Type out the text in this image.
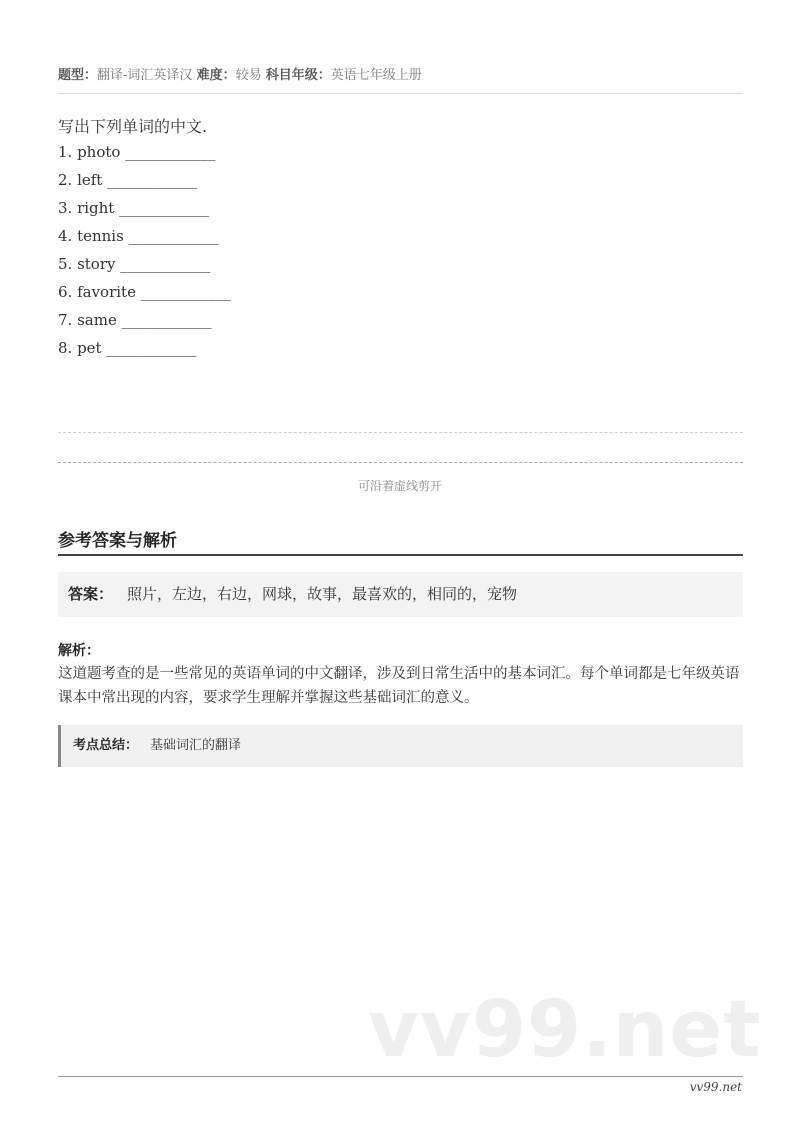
题型：翻译-词汇英译汉 难度：较易 科目年级：英语七年级上册
写出下列单词的中文.
1. photo ____________
2. left ____________
3. right ____________
4. tennis ____________
5. story ____________
6. favorite ____________
7. same ____________
8. pet ____________
可沿着虚线剪开
参考答案与解析
答案： 照片，左边，右边，网球，故事，最喜欢的，相同的，宠物
解析：
这道题考查的是一些常见的英语单词的中文翻译，涉及到日常生活中的基本词汇。每个单词都是七年级英语课本中常出现的内容，要求学生理解并掌握这些基础词汇的意义。
考点总结： 基础词汇的翻译
vv99.net
vv99.net
